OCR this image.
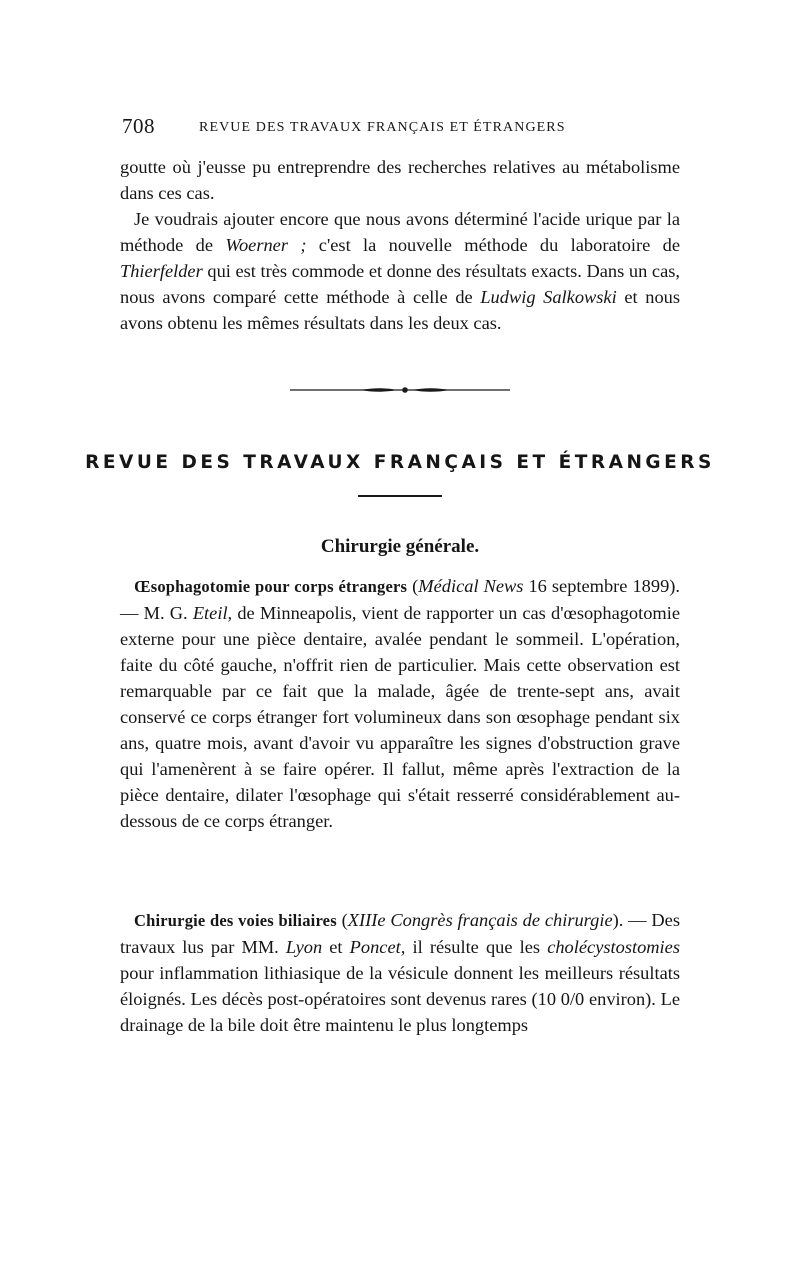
708	REVUE DES TRAVAUX FRANÇAIS ET ÉTRANGERS

goutte où j'eusse pu entreprendre des recherches relatives au métabolisme dans ces cas.

Je voudrais ajouter encore que nous avons déterminé l'acide urique par la méthode de Woerner ; c'est la nouvelle méthode du laboratoire de Thierfelder qui est très commode et donne des résultats exacts. Dans un cas, nous avons comparé cette méthode à celle de Ludwig Salkowski et nous avons obtenu les mêmes résultats dans les deux cas.

REVUE DES TRAVAUX FRANÇAIS ET ÉTRANGERS
Chirurgie générale.

Œsophagotomie pour corps étrangers (Médical News 16 septembre 1899). — M. G. Eteil, de Minneapolis, vient de rapporter un cas d'œsophagotomie externe pour une pièce dentaire, avalée pendant le sommeil. L'opération, faite du côté gauche, n'offrit rien de particulier. Mais cette observation est remarquable par ce fait que la malade, âgée de trente-sept ans, avait conservé ce corps étranger fort volumineux dans son œsophage pendant six ans, quatre mois, avant d'avoir vu apparaître les signes d'obstruction grave qui l'amenèrent à se faire opérer. Il fallut, même après l'extraction de la pièce dentaire, dilater l'œsophage qui s'était resserré considérablement au-dessous de ce corps étranger.

Chirurgie des voies biliaires (XIIIe Congrès français de chirurgie). — Des travaux lus par MM. Lyon et Poncet, il résulte que les cholécystostomies pour inflammation lithiasique de la vésicule donnent les meilleurs résultats éloignés. Les décès post-opératoires sont devenus rares (10 0/0 environ). Le drainage de la bile doit être maintenu le plus longtemps
